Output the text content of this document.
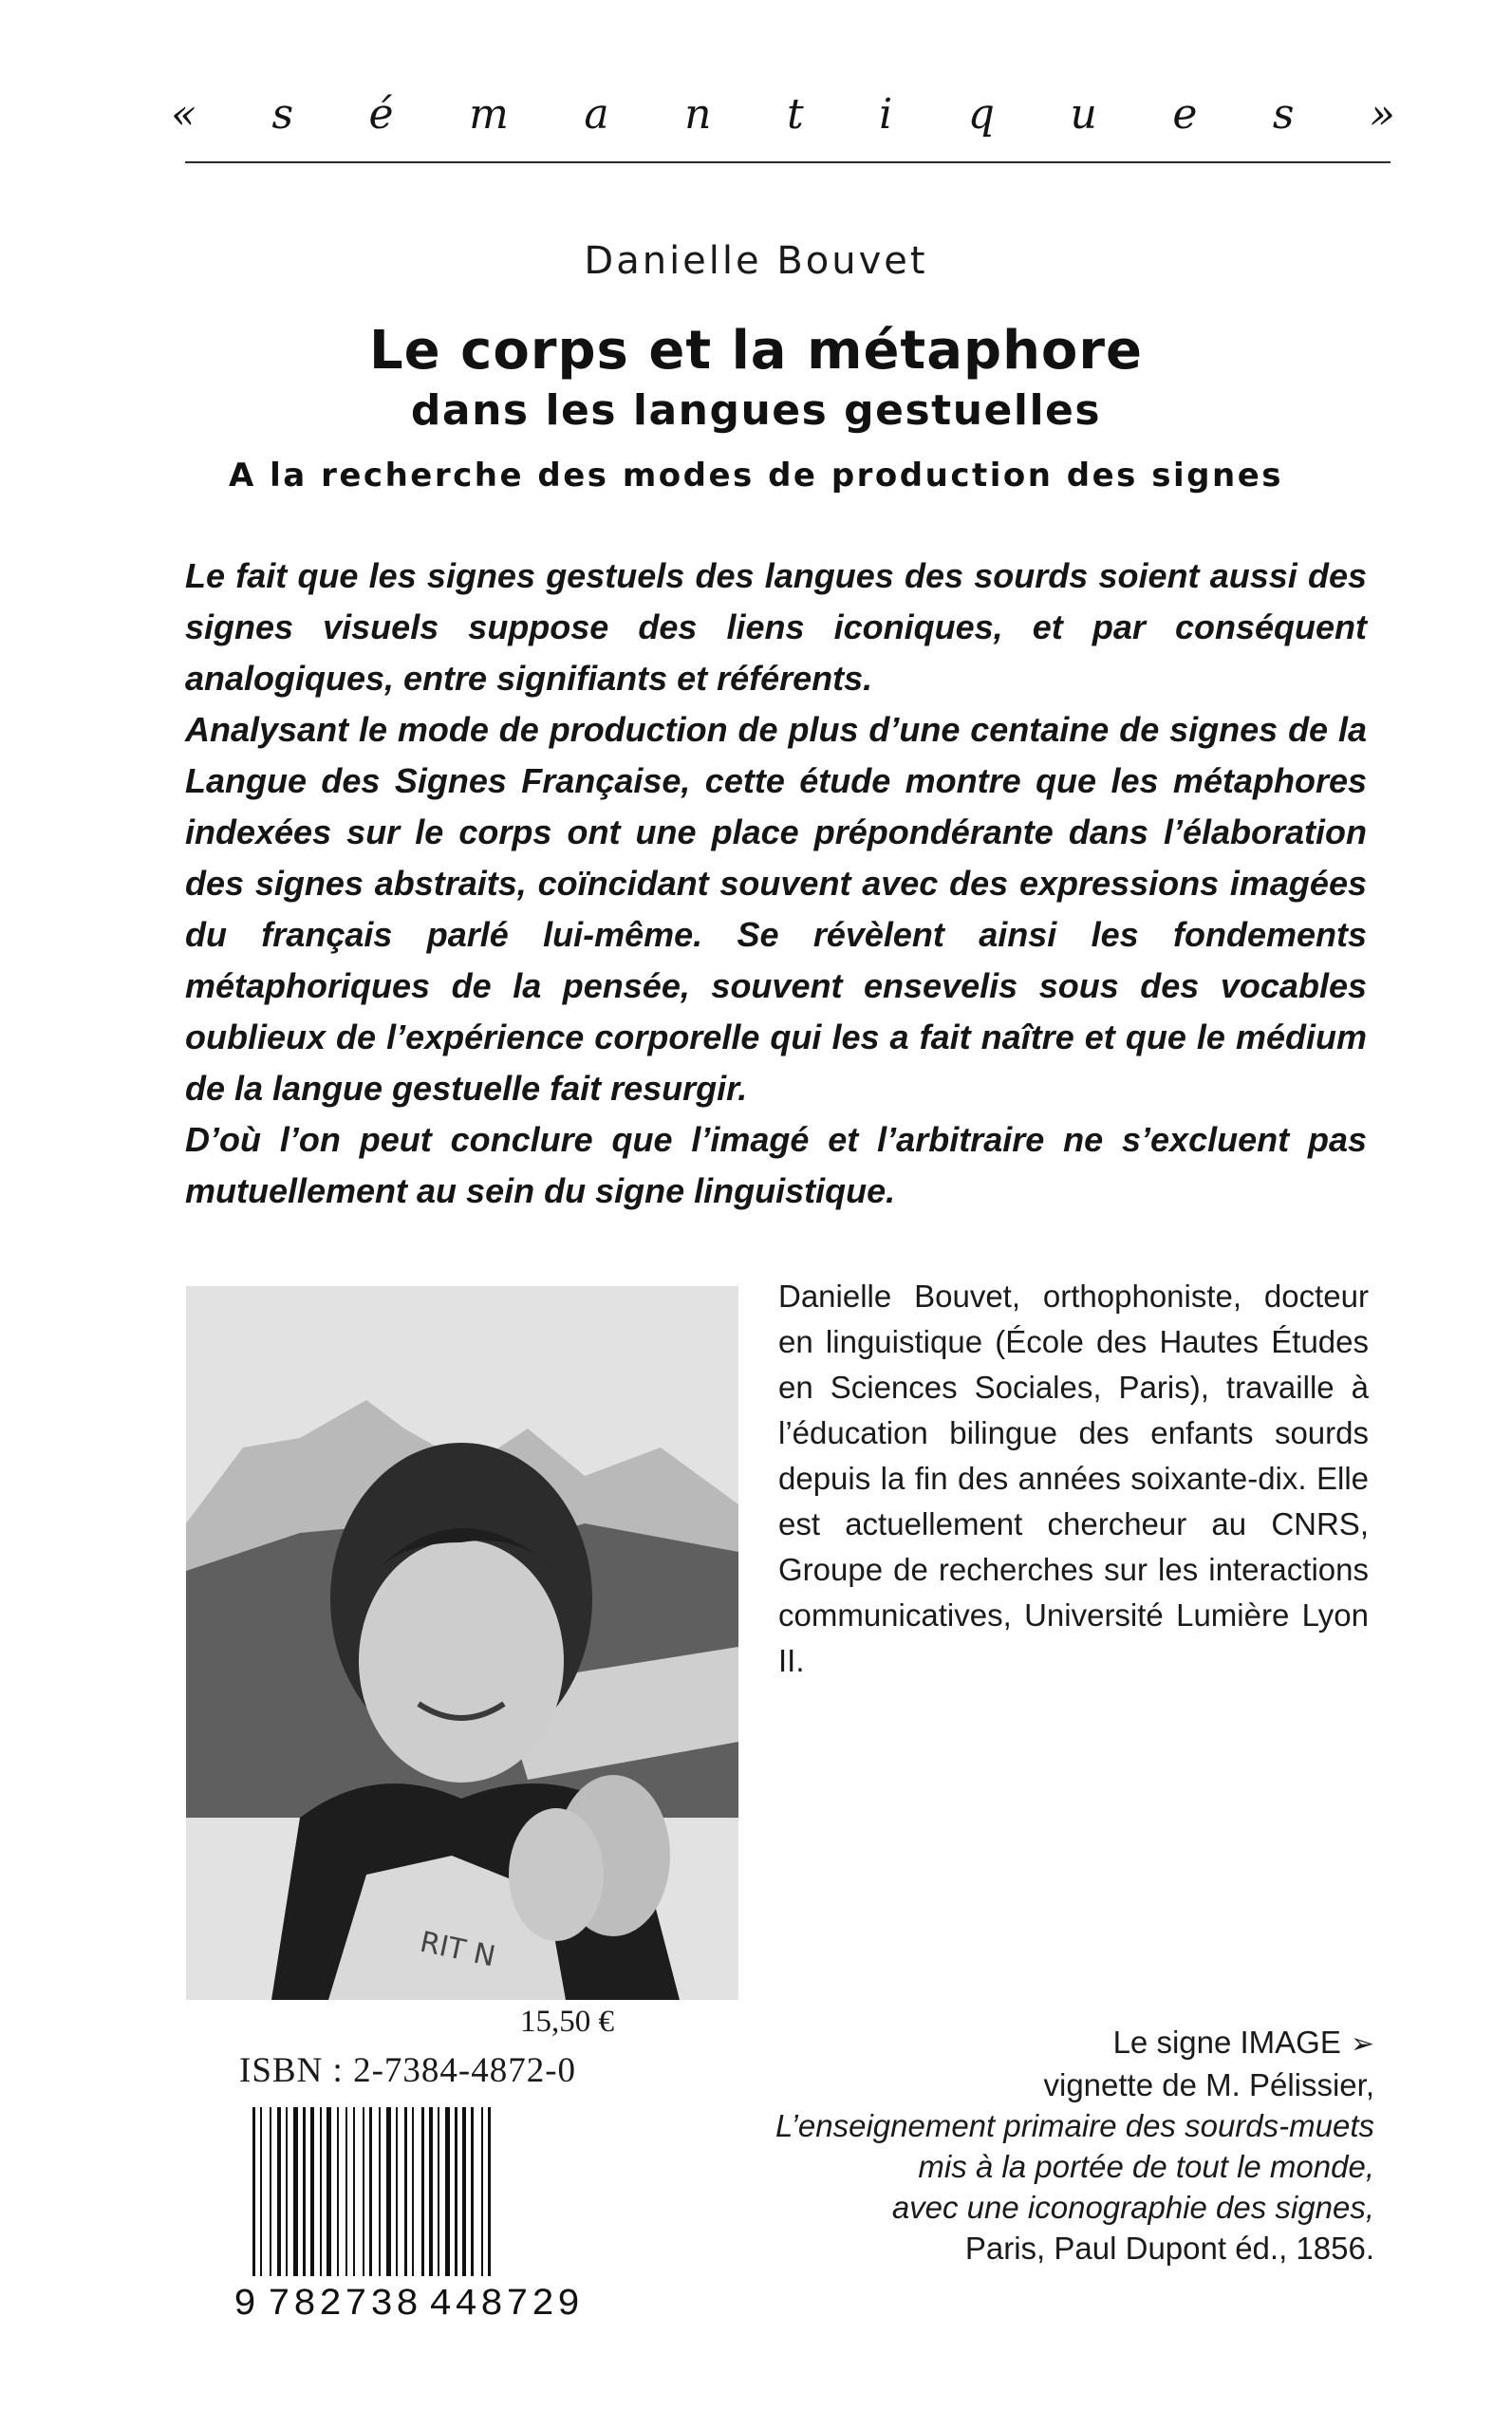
« s é m a n t i q u e s »
Danielle Bouvet
Le corps et la métaphore
dans les langues gestuelles
A la recherche des modes de production des signes

Le fait que les signes gestuels des langues des sourds soient aussi des signes visuels suppose des liens iconiques, et par conséquent analogiques, entre signifiants et référents.

Analysant le mode de production de plus d’une centaine de signes de la Langue des Signes Française, cette étude montre que les métaphores indexées sur le corps ont une place prépondérante dans l’élaboration des signes abstraits, coïncidant souvent avec des expressions imagées du français parlé lui-même. Se révèlent ainsi les fondements métaphoriques de la pensée, souvent ensevelis sous des vocables oublieux de l’expérience corporelle qui les a fait naître et que le médium de la langue gestuelle fait resurgir.

D’où l’on peut conclure que l’imagé et l’arbitraire ne s’excluent pas mutuellement au sein du signe linguistique.

RIT N
Danielle Bouvet, orthophoniste, docteur en linguistique (École des Hautes Études en Sciences Sociales, Paris), travaille à l’éducation bilingue des enfants sourds depuis la fin des années soixante-dix. Elle est actuellement chercheur au CNRS, Groupe de recherches sur les interactions communicatives, Université Lumière Lyon II.
15,50 €
ISBN : 2-7384-4872-0
9 782738 448729
Le signe IMAGE ➢
vignette de M. Pélissier,
L’enseignement primaire des sourds-muets
mis à la portée de tout le monde,
avec une iconographie des signes,
Paris, Paul Dupont éd., 1856.
